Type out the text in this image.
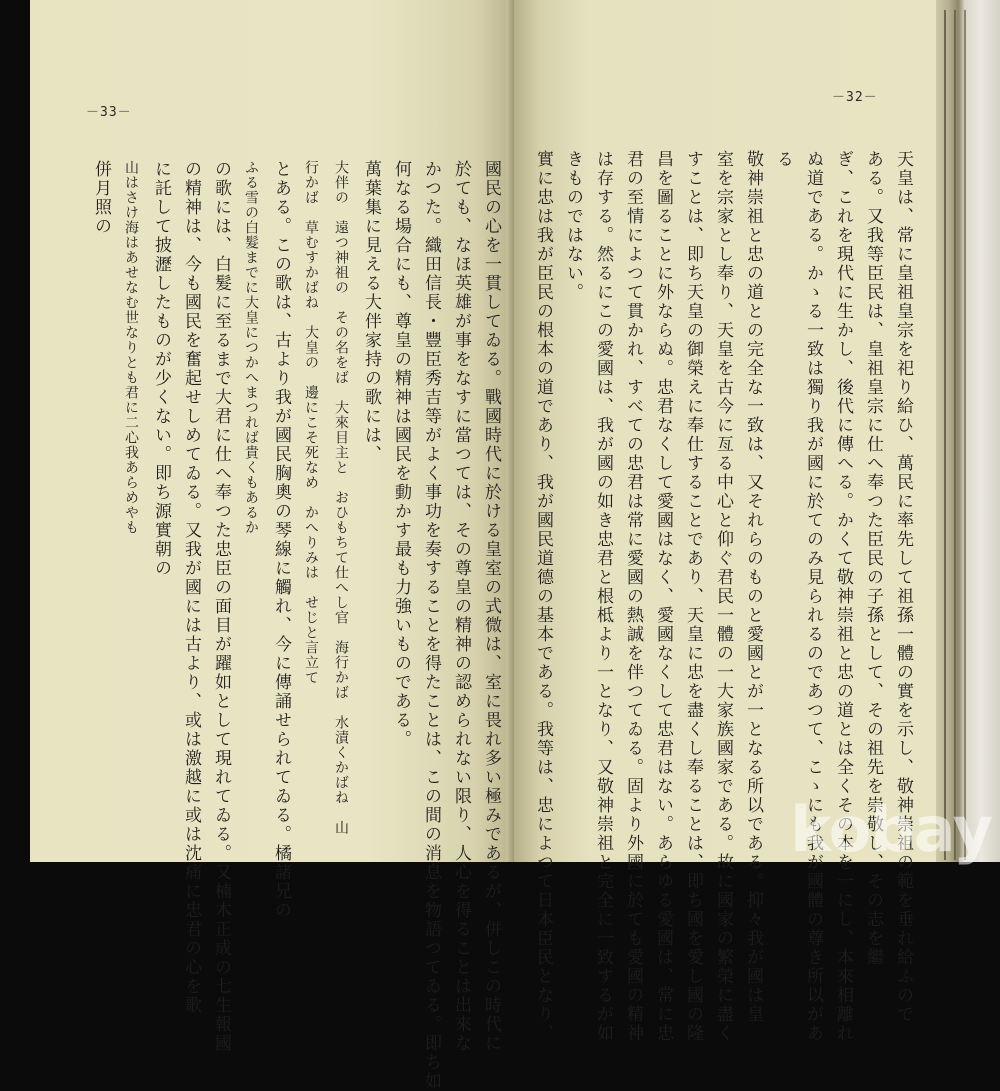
－33－
－32－
天皇は、常に皇祖皇宗を祀り給ひ、萬民に率先して祖孫一體の實を示し、敬神崇祖の範を垂れ給ふので
ある。又我等臣民は、皇祖皇宗に仕へ奉つた臣民の子孫として、その祖先を崇敬し、その志を繼
ぎ、これを現代に生かし、後代に傳へる。かくて敬神崇祖と忠の道とは全くその本を一にし、本來相離れ
ぬ道である。かゝる一致は獨り我が國に於てのみ見られるのであつて、こゝにも我が國體の尊き所以があ
る
敬神崇祖と忠の道との完全な一致は、又それらのものと愛國とが一となる所以である。抑々我が國は皇
室を宗家とし奉り、天皇を古今に亙る中心と仰ぐ君民一體の一大家族國家である。故に國家の繁榮に盡く
すことは、即ち天皇の御榮えに奉仕することであり、天皇に忠を盡くし奉ることは、即ち國を愛し國の隆
昌を圖ることに外ならぬ。忠君なくして愛國はなく、愛國なくして忠君はない。あらゆる愛國は、常に忠
君の至情によつて貫かれ、すべての忠君は常に愛國の熱誠を伴つてゐる。固より外國に於ても愛國の精神
は存する。然るにこの愛國は、我が國の如き忠君と根柢より一となり、又敬神崇祖と完全に一致するが如
きものではない。
實に忠は我が臣民の根本の道であり、我が國民道德の基本である。我等は、忠によつて日本臣民となり、
國民の心を一貫してゐる。戰國時代に於ける皇室の式微は、室に畏れ多い極みであるが、併しこの時代に
於ても、なほ英雄が事をなすに當つては、その尊皇の精神の認められない限り、人心を得ることは出來な
かつた。織田信長・豐臣秀吉等がよく事功を奏することを得たことは、この間の消息を物語つてゐる。即ち如
何なる場合にも、尊皇の精神は國民を動かす最も力強いものである。
萬葉集に見える大伴家持の歌には、
大伴の　遠つ神祖の　その名をば　大來目主と　おひもちて仕へし官　海行かば　水漬くかばね　山
行かば　草むすかばね　大皇の　邊にこそ死なめ　かへりみは　せじと言立て
とある。この歌は、古より我が國民胸奧の琴線に觸れ、今に傳誦せられてゐる。橘諸兄の
ふる雪の白髮までに大皇につかへまつれば貴くもあるか
の歌には、白髮に至るまで大君に仕へ奉つた忠臣の面目が躍如として現れてゐる。又楠木正成の七生報國
の精神は、今も國民を奮起せしめてゐる。又我が國には古より、或は激越に或は沈痛に忠君の心を歌
に託して披瀝したものが少くない。即ち源實朝の
山はさけ海はあせなむ世なりとも君に二心我あらめやも
併月照の
kobay
